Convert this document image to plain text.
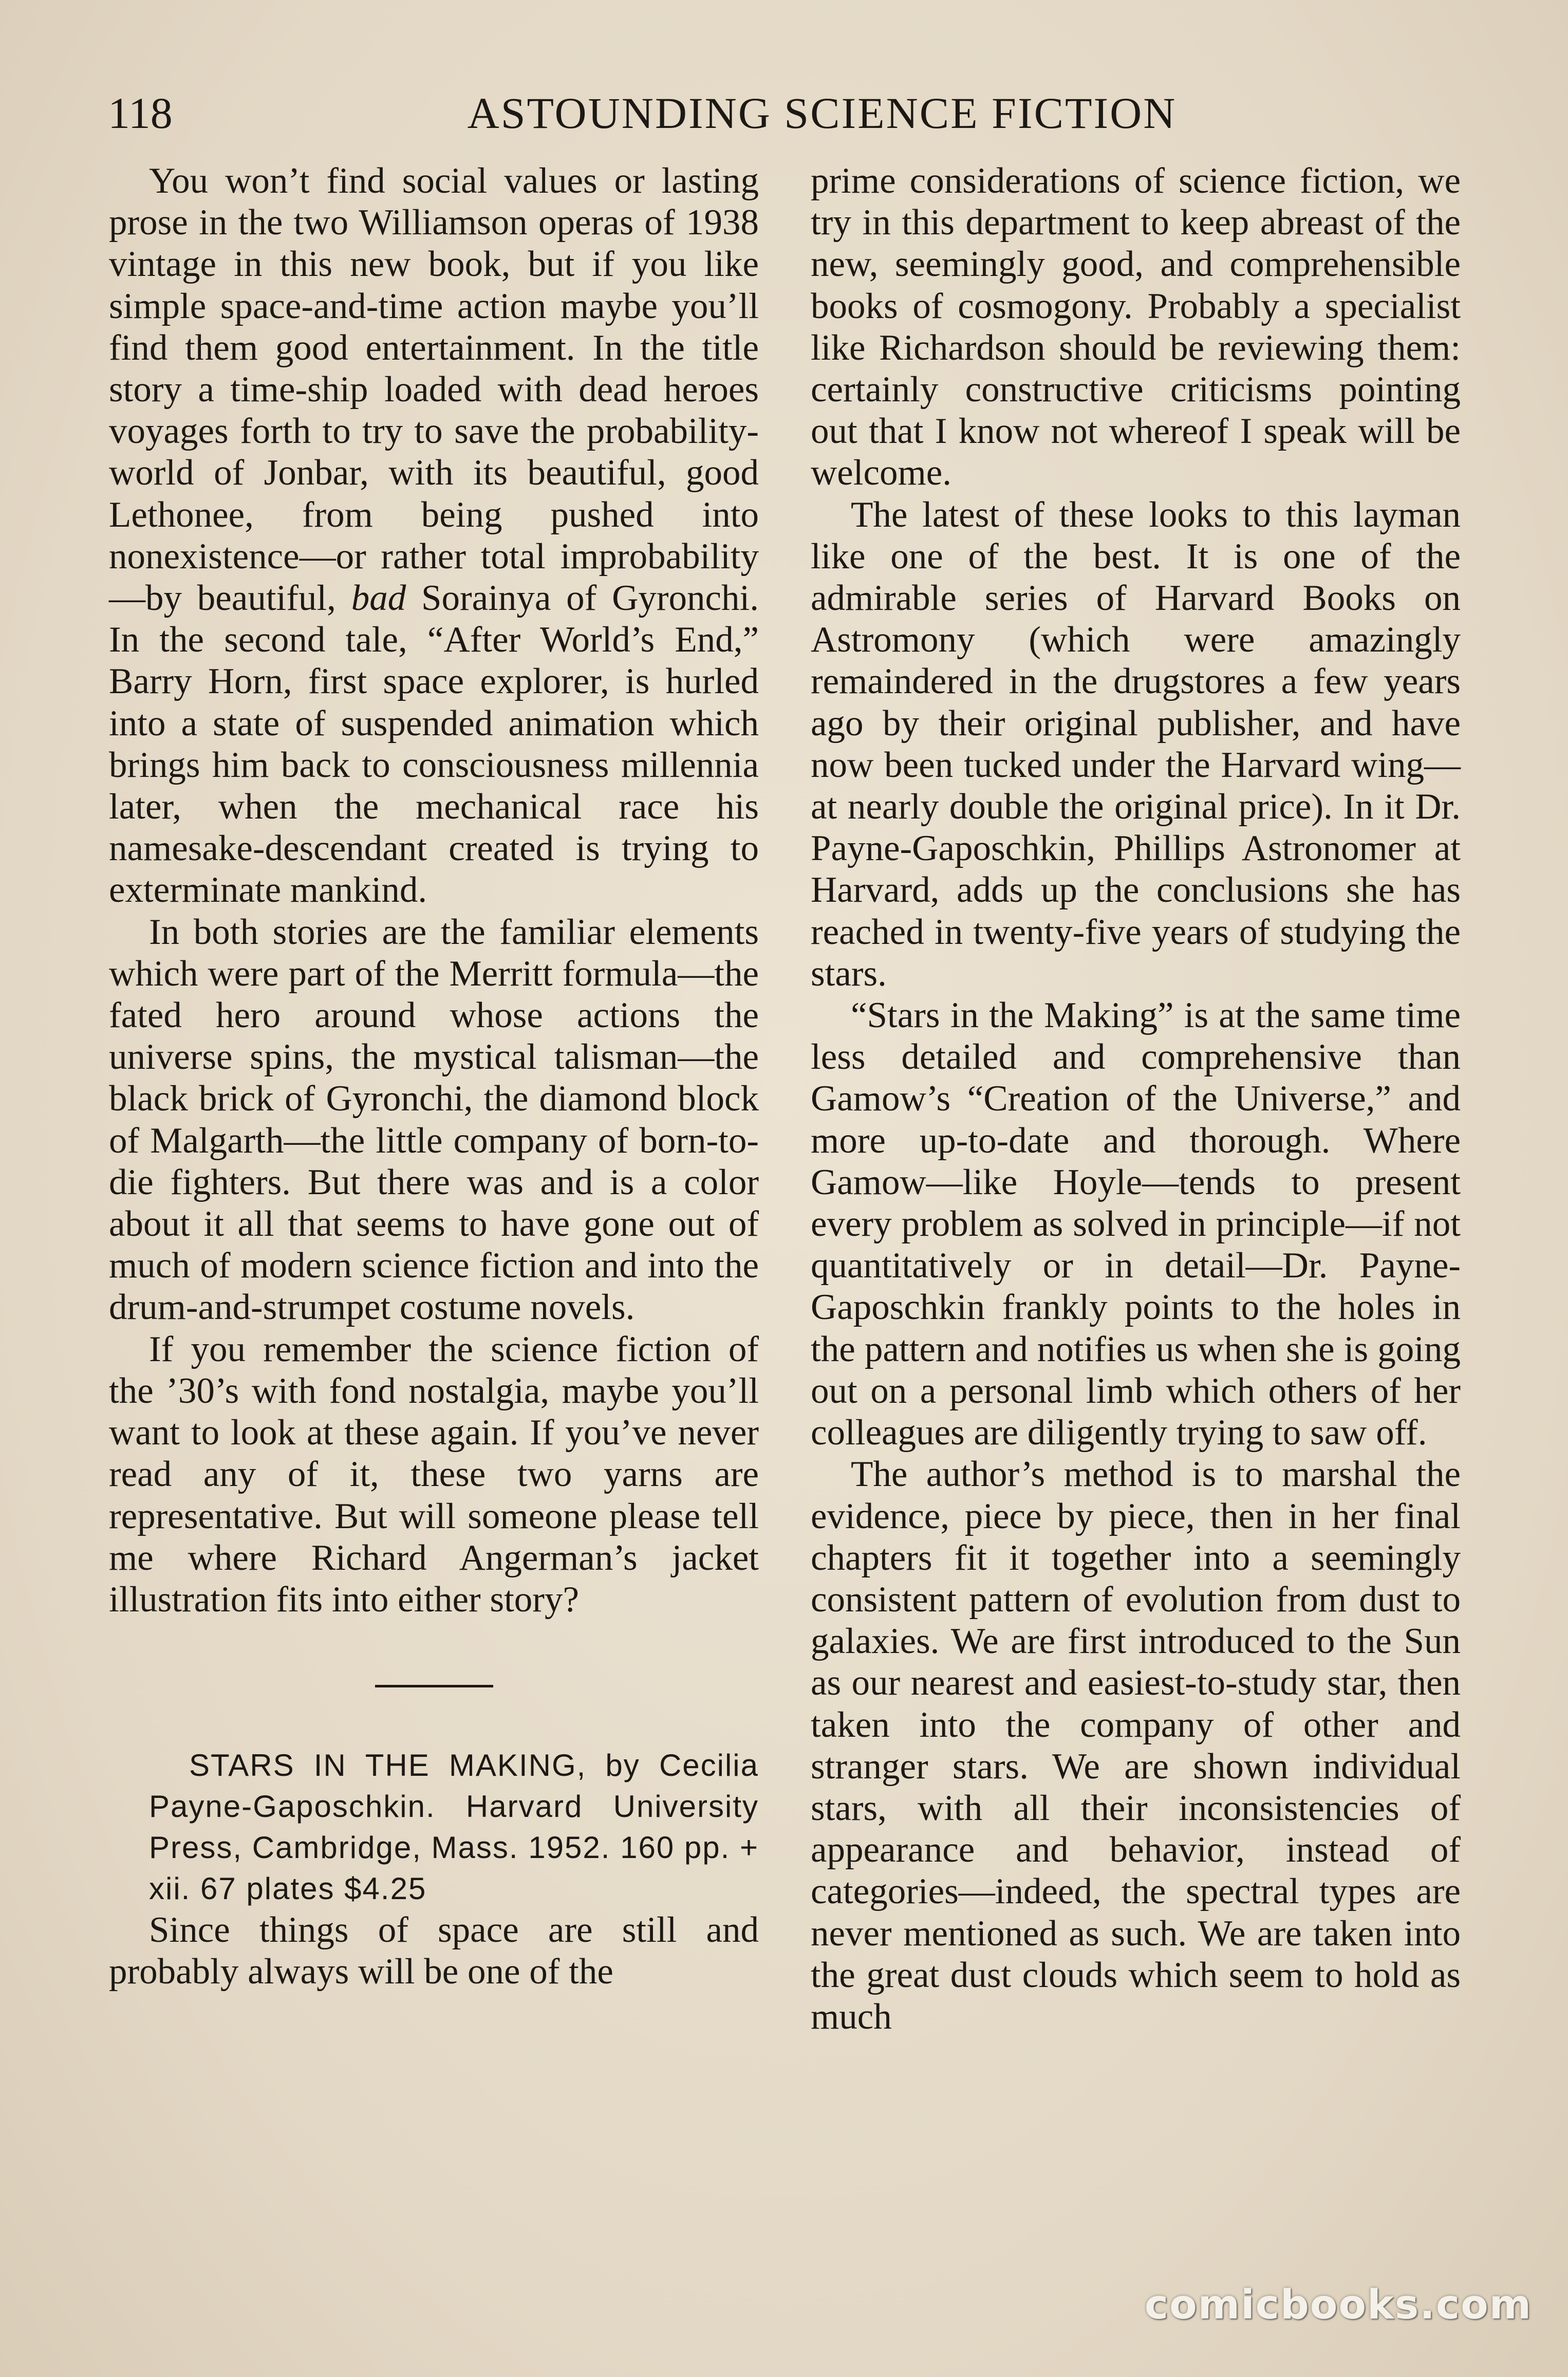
118	ASTOUNDING SCIENCE FICTION

You won’t find social values or lasting prose in the two Williamson operas of 1938 vintage in this new book, but if you like simple space-and-time action maybe you’ll find them good entertainment. In the title story a time-ship loaded with dead heroes voyages forth to try to save the probability-world of Jonbar, with its beautiful, good Lethonee, from being pushed into nonexistence—or rather total improbability—by beautiful, bad Sorainya of Gyronchi. In the second tale, “After World’s End,” Barry Horn, first space explorer, is hurled into a state of suspended animation which brings him back to consciousness millennia later, when the mechanical race his namesake-descendant created is trying to exterminate mankind.

In both stories are the familiar elements which were part of the Merritt formula—the fated hero around whose actions the universe spins, the mystical talisman—the black brick of Gyronchi, the diamond block of Malgarth—the little company of born-to-die fighters. But there was and is a color about it all that seems to have gone out of much of modern science fiction and into the drum-and-strumpet costume novels.

If you remember the science fiction of the ’30’s with fond nostalgia, maybe you’ll want to look at these again. If you’ve never read any of it, these two yarns are representative. But will someone please tell me where Richard Angerman’s jacket illustration fits into either story?

STARS IN THE MAKING, by Cecilia Payne-Gaposchkin. Harvard University Press, Cambridge, Mass. 1952. 160 pp. + xii. 67 plates $4.25

Since things of space are still and probably always will be one of the

prime considerations of science fiction, we try in this department to keep abreast of the new, seemingly good, and comprehensible books of cosmogony. Probably a specialist like Richardson should be reviewing them: certainly constructive criticisms pointing out that I know not whereof I speak will be welcome.

The latest of these looks to this layman like one of the best. It is one of the admirable series of Harvard Books on Astromony (which were amazingly remaindered in the drugstores a few years ago by their original publisher, and have now been tucked under the Harvard wing—at nearly double the original price). In it Dr. Payne-Gaposchkin, Phillips Astronomer at Harvard, adds up the conclusions she has reached in twenty-five years of studying the stars.

“Stars in the Making” is at the same time less detailed and comprehensive than Gamow’s “Creation of the Universe,” and more up-to-date and thorough. Where Gamow—like Hoyle—tends to present every problem as solved in principle—if not quantitatively or in detail—Dr. Payne-Gaposchkin frankly points to the holes in the pattern and notifies us when she is going out on a personal limb which others of her colleagues are diligently trying to saw off.

The author’s method is to marshal the evidence, piece by piece, then in her final chapters fit it together into a seemingly consistent pattern of evolution from dust to galaxies. We are first introduced to the Sun as our nearest and easiest-to-study star, then taken into the company of other and stranger stars. We are shown individual stars, with all their inconsistencies of appearance and behavior, instead of categories—indeed, the spectral types are never mentioned as such. We are taken into the great dust clouds which seem to hold as much

comicbooks.com
